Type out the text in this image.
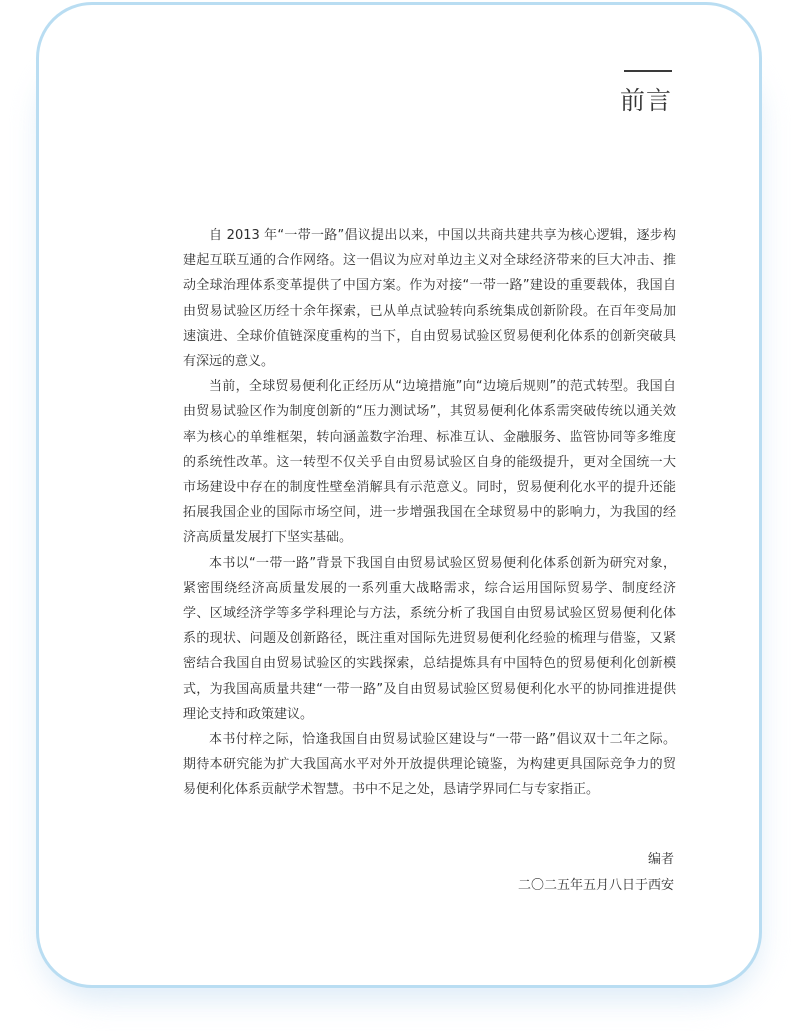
前言

自 2013 年“一带一路”倡议提出以来，中国以共商共建共享为核心逻辑，逐步构建起互联互通的合作网络。这一倡议为应对单边主义对全球经济带来的巨大冲击、推动全球治理体系变革提供了中国方案。作为对接“一带一路”建设的重要载体，我国自由贸易试验区历经十余年探索，已从单点试验转向系统集成创新阶段。在百年变局加速演进、全球价值链深度重构的当下，自由贸易试验区贸易便利化体系的创新突破具有深远的意义。

当前，全球贸易便利化正经历从“边境措施”向“边境后规则”的范式转型。我国自由贸易试验区作为制度创新的“压力测试场”，其贸易便利化体系需突破传统以通关效率为核心的单维框架，转向涵盖数字治理、标准互认、金融服务、监管协同等多维度的系统性改革。这一转型不仅关乎自由贸易试验区自身的能级提升，更对全国统一大市场建设中存在的制度性壁垒消解具有示范意义。同时，贸易便利化水平的提升还能拓展我国企业的国际市场空间，进一步增强我国在全球贸易中的影响力，为我国的经济高质量发展打下坚实基础。

本书以“一带一路”背景下我国自由贸易试验区贸易便利化体系创新为研究对象，紧密围绕经济高质量发展的一系列重大战略需求，综合运用国际贸易学、制度经济学、区域经济学等多学科理论与方法，系统分析了我国自由贸易试验区贸易便利化体系的现状、问题及创新路径，既注重对国际先进贸易便利化经验的梳理与借鉴，又紧密结合我国自由贸易试验区的实践探索，总结提炼具有中国特色的贸易便利化创新模式，为我国高质量共建“一带一路”及自由贸易试验区贸易便利化水平的协同推进提供理论支持和政策建议。

本书付梓之际，恰逢我国自由贸易试验区建设与“一带一路”倡议双十二年之际。期待本研究能为扩大我国高水平对外开放提供理论镜鉴，为构建更具国际竞争力的贸易便利化体系贡献学术智慧。书中不足之处，恳请学界同仁与专家指正。

编者
二〇二五年五月八日于西安
